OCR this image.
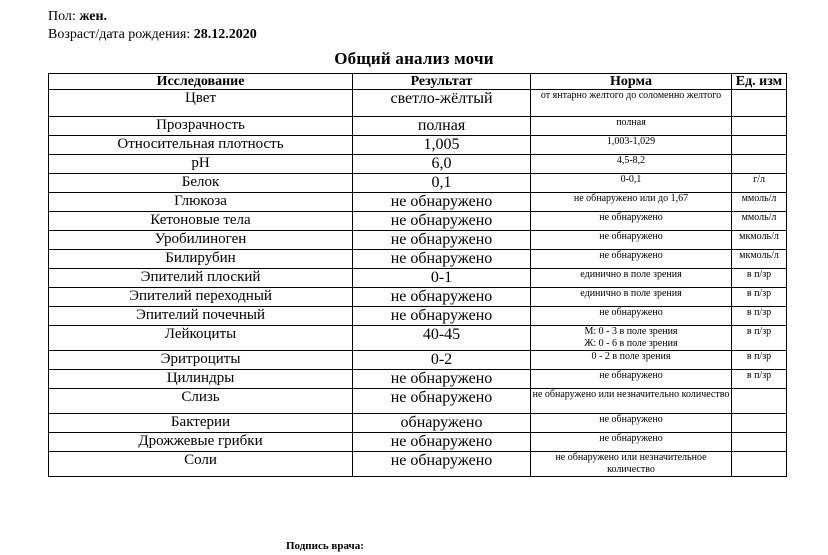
Пол: жен.
Возраст/дата рождения: 28.12.2020
Общий анализ мочи
Исследование	Результат	Норма	Ед. изм
Цвет	светло-жёлтый	от янтарно желтого до соломенно желтого	

Прозрачность	полная	полная	

Относительная плотность	1,005	1,003-1,029	

pH	6,0	4,5-8,2	

Белок	0,1	0-0,1	г/л
Глюкоза	не обнаружено	не обнаружено или до 1,67	ммоль/л
Кетоновые тела	не обнаружено	не обнаружено	ммоль/л
Уробилиноген	не обнаружено	не обнаружено	мкмоль/л
Билирубин	не обнаружено	не обнаружено	мкмоль/л
Эпителий плоский	0-1	единично в поле зрения	в п/зр
Эпителий переходный	не обнаружено	единично в поле зрения	в п/зр
Эпителий почечный	не обнаружено	не обнаружено	в п/зр
Лейкоциты	40-45	М: 0 - 3 в поле зрения
Ж: 0 - 6 в поле зрения	в п/зр
Эритроциты	0-2	0 - 2 в поле зрения	в п/зр
Цилиндры	не обнаружено	не обнаружено	в п/зр
Слизь	не обнаружено	не обнаружено или незначительно количество	

Бактерии	обнаружено	не обнаружено	

Дрожжевые грибки	не обнаружено	не обнаружено	

Соли	не обнаружено	не обнаружено или незначительное количество	

Подпись врача:
